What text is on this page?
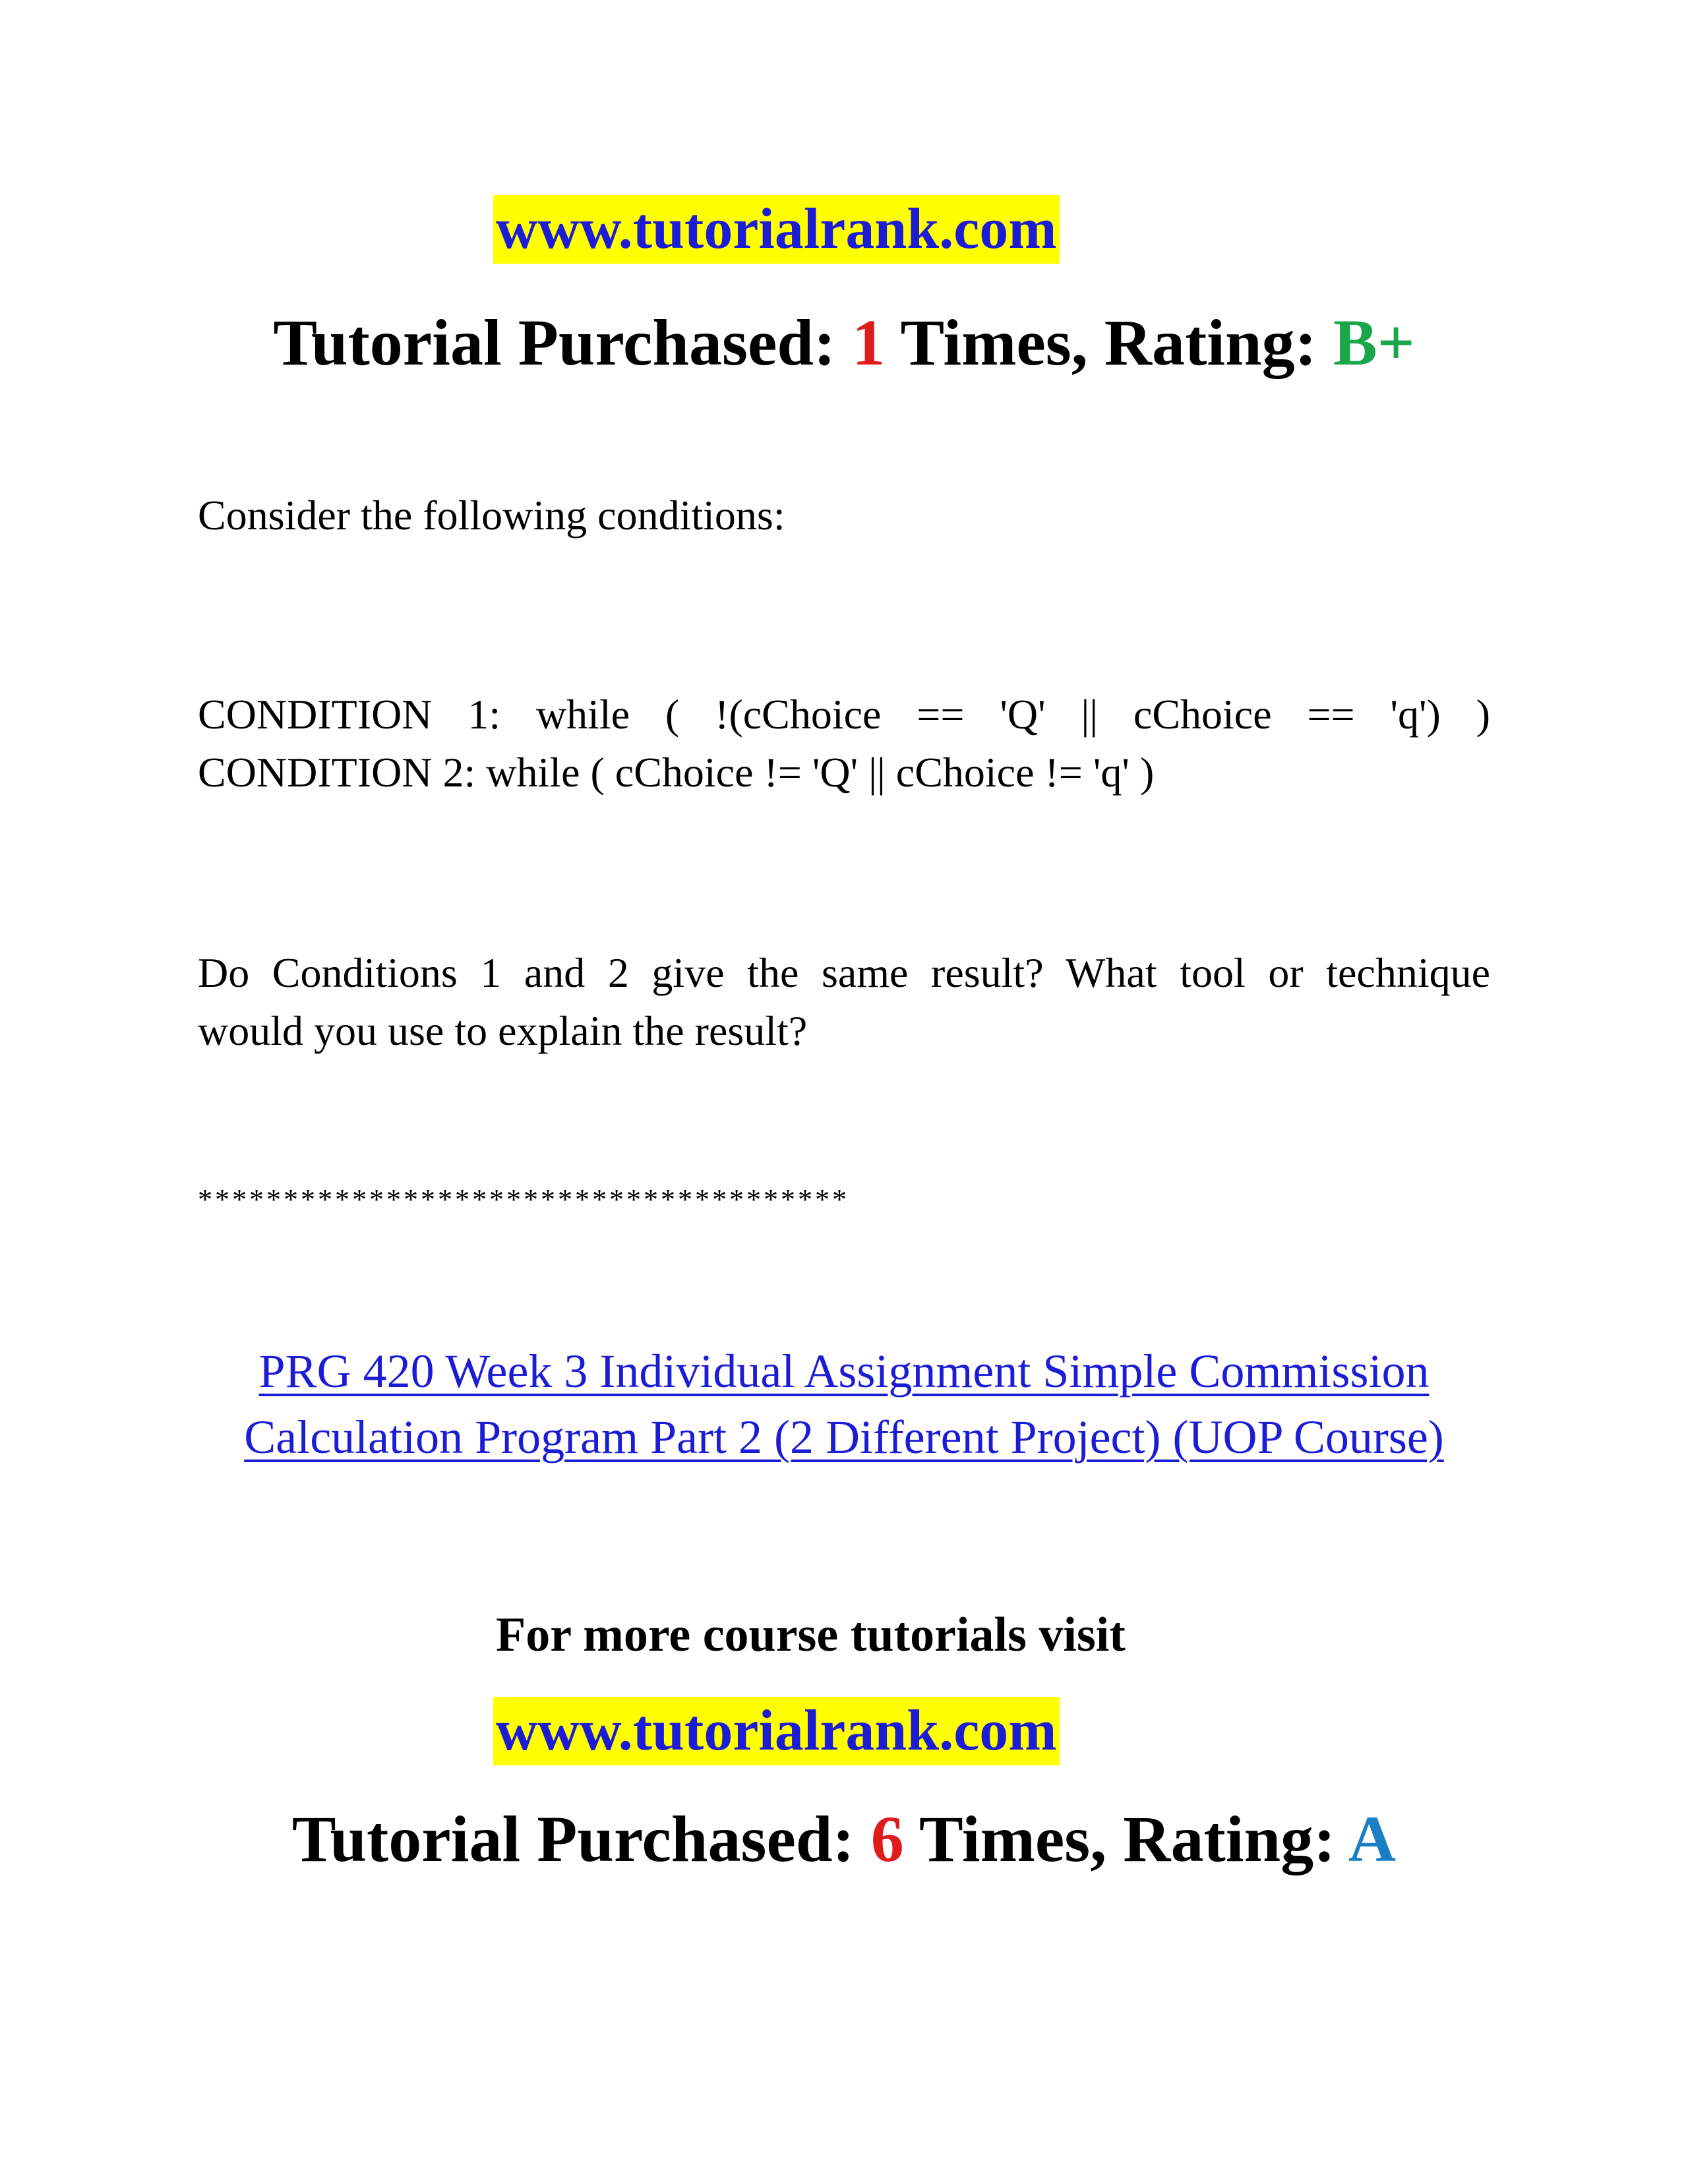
www.tutorialrank.com
Tutorial Purchased: 1 Times, Rating: B+
Consider the following conditions:
CONDITION 1: while ( !(cChoice == 'Q' || cChoice == 'q') )
CONDITION 2: while ( cChoice != 'Q' || cChoice != 'q' )
Do Conditions 1 and 2 give the same result? What tool or technique
would you use to explain the result?
**************************************
PRG 420 Week 3 Individual Assignment Simple Commission
Calculation Program Part 2 (2 Different Project) (UOP Course)
For more course tutorials visit
www.tutorialrank.com
Tutorial Purchased: 6 Times, Rating: A
